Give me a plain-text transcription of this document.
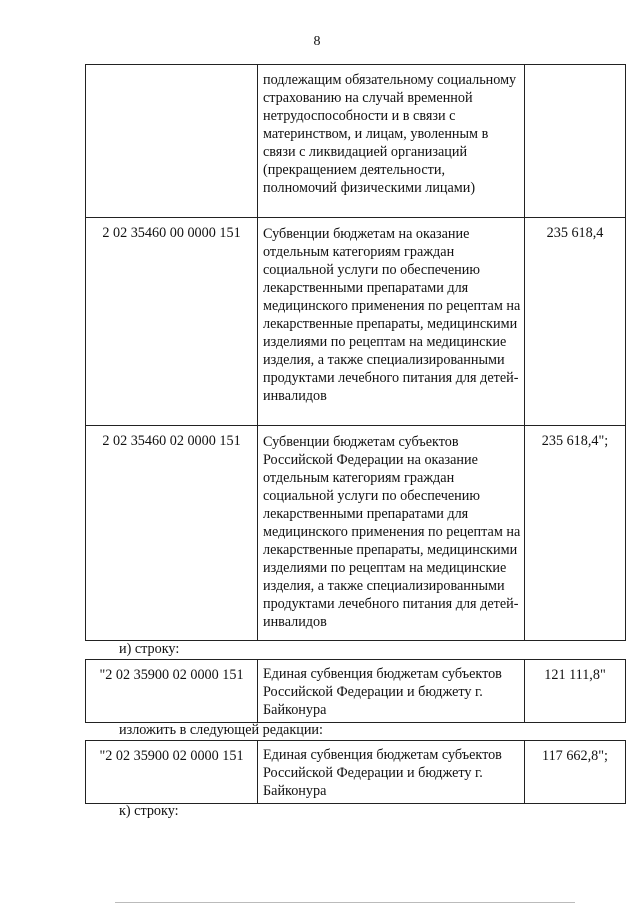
8
	подлежащим обязательному социальному страхованию на случай временной нетрудоспособности и в связи с материнством, и лицам, уволенным в связи с ликвидацией организаций (прекращением деятельности, полномочий физическими лицами)	
2 02 35460 00 0000 151	Субвенции бюджетам на оказание отдельным категориям граждан социальной услуги по обеспечению лекарственными препаратами для медицинского применения по рецептам на лекарственные препараты, медицинскими изделиями по рецептам на медицинские изделия, а также специализированными продуктами лечебного питания для детей-инвалидов	235 618,4
2 02 35460 02 0000 151	Субвенции бюджетам субъектов Российской Федерации на оказание отдельным категориям граждан социальной услуги по обеспечению лекарственными препаратами для медицинского применения по рецептам на лекарственные препараты, медицинскими изделиями по рецептам на медицинские изделия, а также специализированными продуктами лечебного питания для детей-инвалидов	235 618,4";
и) строку:
"2 02 35900 02 0000 151	Единая субвенция бюджетам субъектов Российской Федерации и бюджету г. Байконура	121 111,8"
изложить в следующей редакции:
"2 02 35900 02 0000 151	Единая субвенция бюджетам субъектов Российской Федерации и бюджету г. Байконура	117 662,8";
к) строку:
